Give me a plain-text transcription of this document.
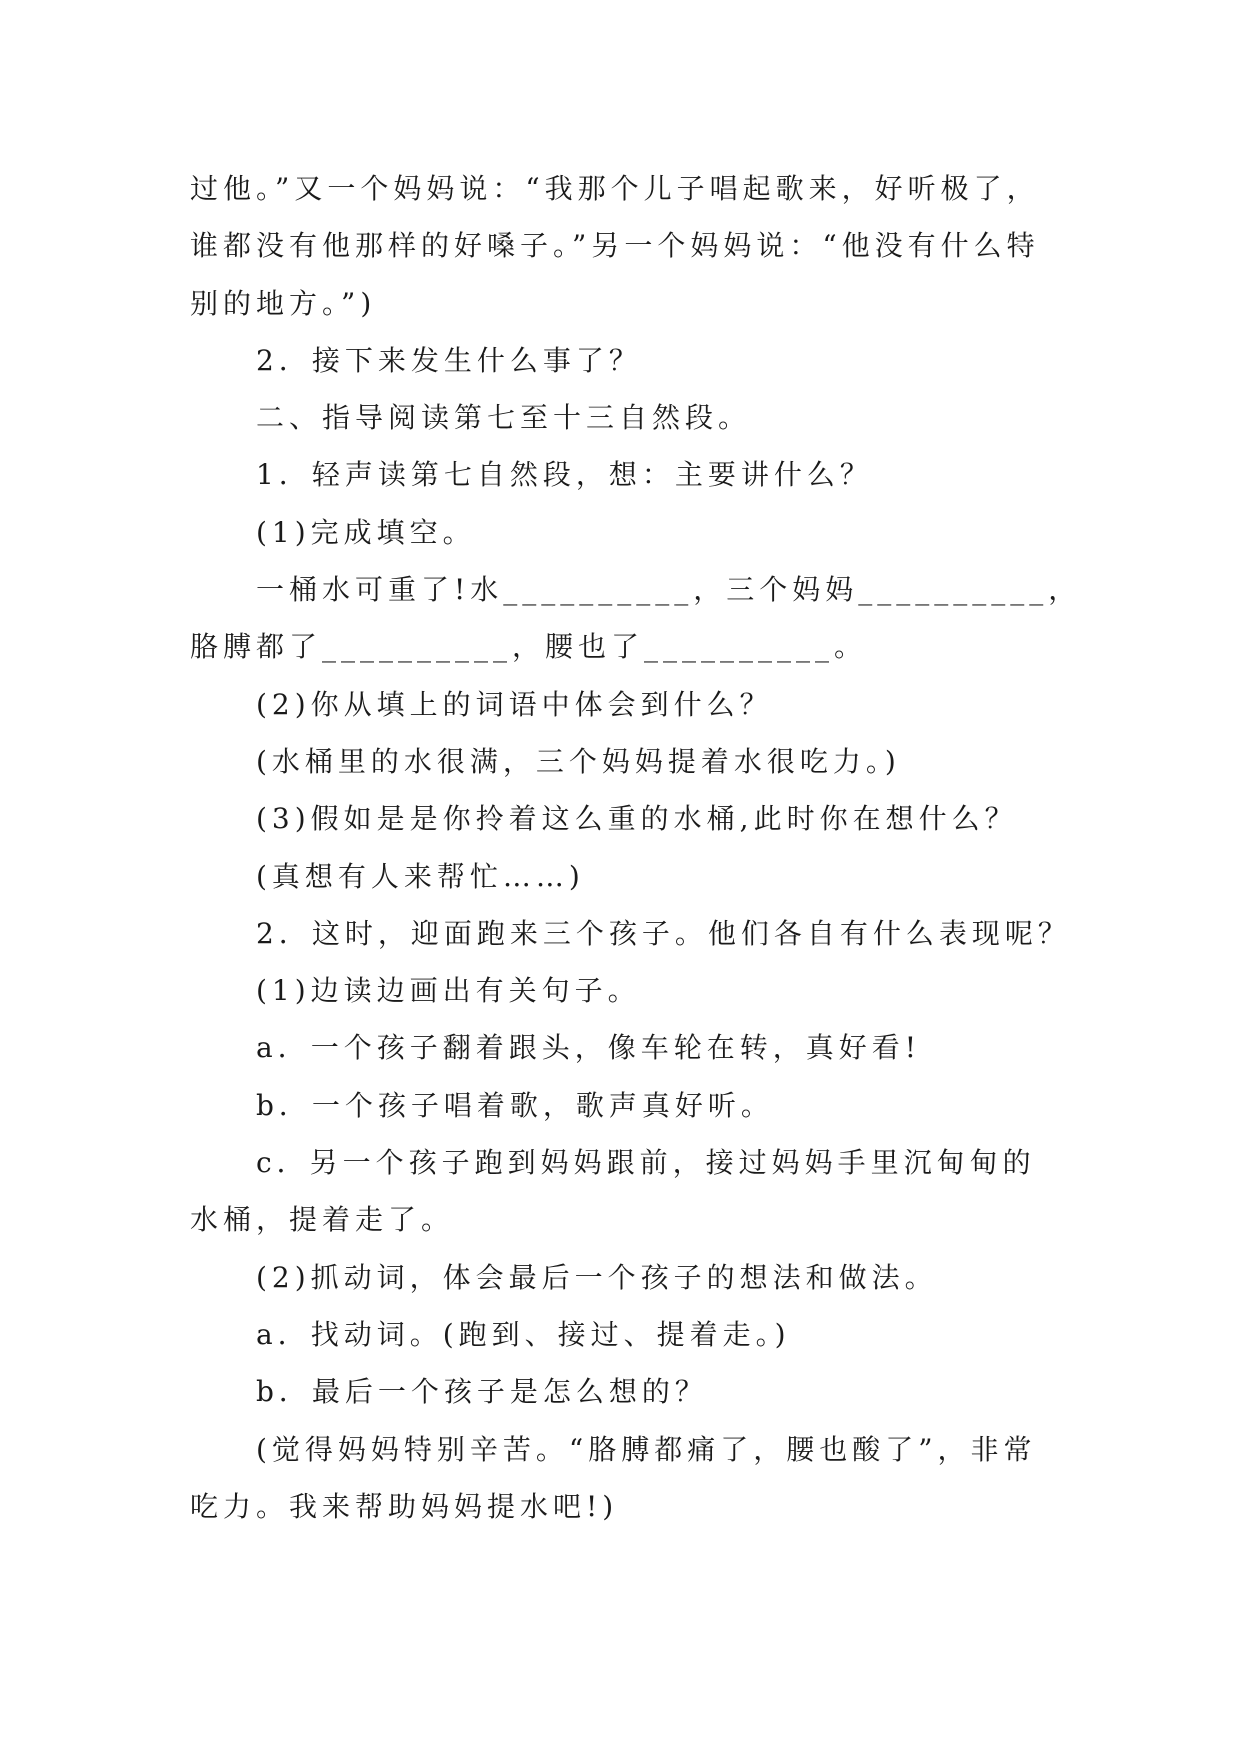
过他。”又一个妈妈说：“我那个儿子唱起歌来，好听极了，

谁都没有他那样的好嗓子。”另一个妈妈说：“他没有什么特

别的地方。”)

2．接下来发生什么事了？

二、指导阅读第七至十三自然段。

1．轻声读第七自然段，想：主要讲什么？

(1)完成填空。

一桶水可重了!水__________，三个妈妈__________，

胳膊都了__________，腰也了__________。

(2)你从填上的词语中体会到什么？

(水桶里的水很满，三个妈妈提着水很吃力。)

(3)假如是是你拎着这么重的水桶,此时你在想什么？

(真想有人来帮忙……)

2．这时，迎面跑来三个孩子。他们各自有什么表现呢？

(1)边读边画出有关句子。

a．一个孩子翻着跟头，像车轮在转，真好看!

b．一个孩子唱着歌，歌声真好听。

c．另一个孩子跑到妈妈跟前，接过妈妈手里沉甸甸的

水桶，提着走了。

(2)抓动词，体会最后一个孩子的想法和做法。

a．找动词。(跑到、接过、提着走。)

b．最后一个孩子是怎么想的？

(觉得妈妈特别辛苦。“胳膊都痛了，腰也酸了”，非常

吃力。我来帮助妈妈提水吧!)
